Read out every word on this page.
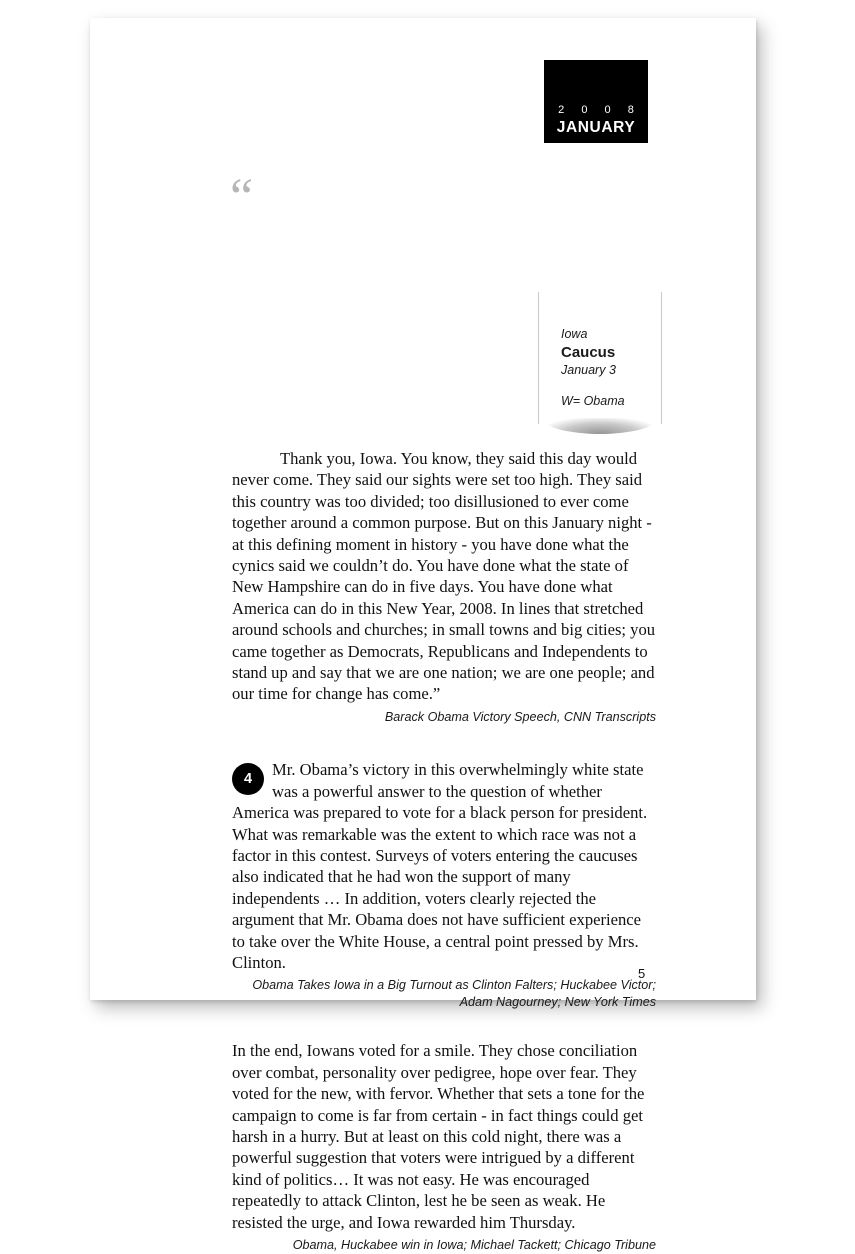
2 0 0 8
JANUARY
Iowa
Caucus
January 3
W= Obama
“
Thank you, Iowa. You know, they said this day would never come. They said our sights were set too high. They said this country was too divided; too disillusioned to ever come together around a common purpose. But on this January night - at this defining moment in history - you have done what the cynics said we couldn’t do. You have done what the state of New Hampshire can do in five days. You have done what America can do in this New Year, 2008. In lines that stretched around schools and churches; in small towns and big cities; you came together as Democrats, Republicans and Independents to stand up and say that we are one nation; we are one people; and our time for change has come.”
Barack Obama Victory Speech, CNN Transcripts
4	Mr. Obama’s victory in this overwhelmingly white state was a powerful answer to the question of whether America was prepared to vote for a black person for president. What was remarkable was the extent to which race was not a factor in this contest. Surveys of voters entering the caucuses also indicated that he had won the support of many independents … In addition, voters clearly rejected the argument that Mr. Obama does not have sufficient experience to take over the White House, a central point pressed by Mrs. Clinton.
Obama Takes Iowa in a Big Turnout as Clinton Falters; Huckabee Victor;
Adam Nagourney; New York Times
In the end, Iowans voted for a smile. They chose conciliation over combat, personality over pedigree, hope over fear. They voted for the new, with fervor. Whether that sets a tone for the campaign to come is far from certain - in fact things could get harsh in a hurry. But at least on this cold night, there was a powerful suggestion that voters were intrigued by a different kind of politics… It was not easy. He was encouraged repeatedly to attack Clinton, lest he be seen as weak. He resisted the urge, and Iowa rewarded him Thursday.
Obama, Huckabee win in Iowa; Michael Tackett; Chicago Tribune
5
